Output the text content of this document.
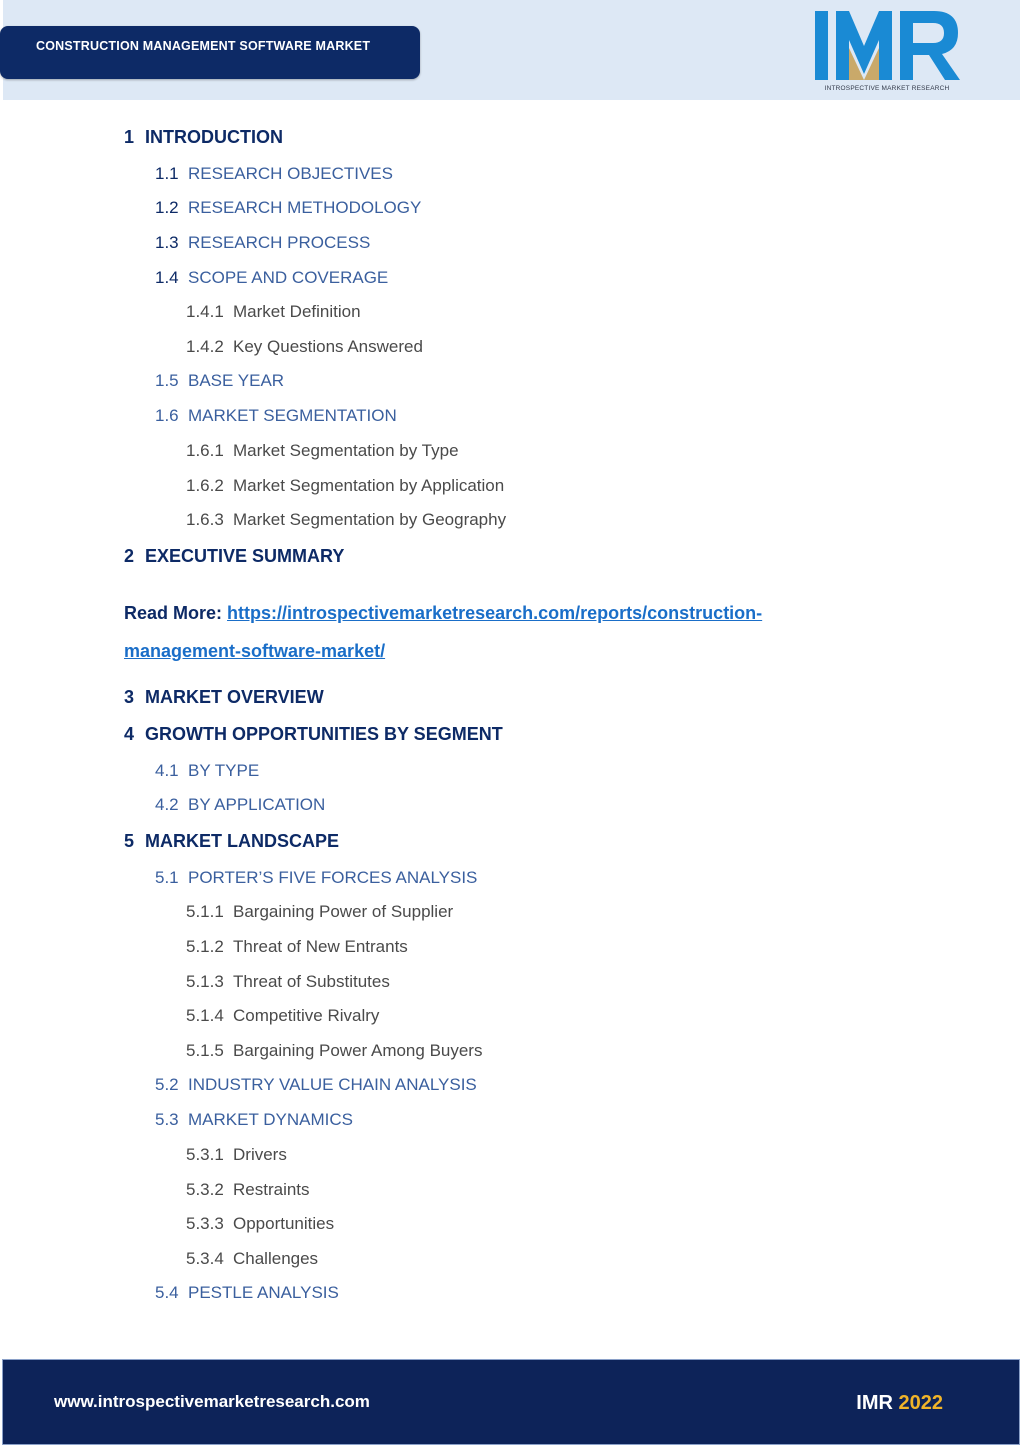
CONSTRUCTION MANAGEMENT SOFTWARE MARKET
INTROSPECTIVE MARKET RESEARCH
1 INTRODUCTION
1.1 RESEARCH OBJECTIVES
1.2 RESEARCH METHODOLOGY
1.3 RESEARCH PROCESS
1.4 SCOPE AND COVERAGE
1.4.1 Market Definition
1.4.2 Key Questions Answered
1.5 BASE YEAR
1.6 MARKET SEGMENTATION
1.6.1 Market Segmentation by Type
1.6.2 Market Segmentation by Application
1.6.3 Market Segmentation by Geography
2 EXECUTIVE SUMMARY
3 MARKET OVERVIEW
4 GROWTH OPPORTUNITIES BY SEGMENT
4.1 BY TYPE
4.2 BY APPLICATION
5 MARKET LANDSCAPE
5.1 PORTER’S FIVE FORCES ANALYSIS
5.1.1 Bargaining Power of Supplier
5.1.2 Threat of New Entrants
5.1.3 Threat of Substitutes
5.1.4 Competitive Rivalry
5.1.5 Bargaining Power Among Buyers
5.2 INDUSTRY VALUE CHAIN ANALYSIS
5.3 MARKET DYNAMICS
5.3.1 Drivers
5.3.2 Restraints
5.3.3 Opportunities
5.3.4 Challenges
5.4 PESTLE ANALYSIS
Read More: https://introspectivemarketresearch.com/reports/construction-management-software-market/
www.introspectivemarketresearch.com	IMR 2022
